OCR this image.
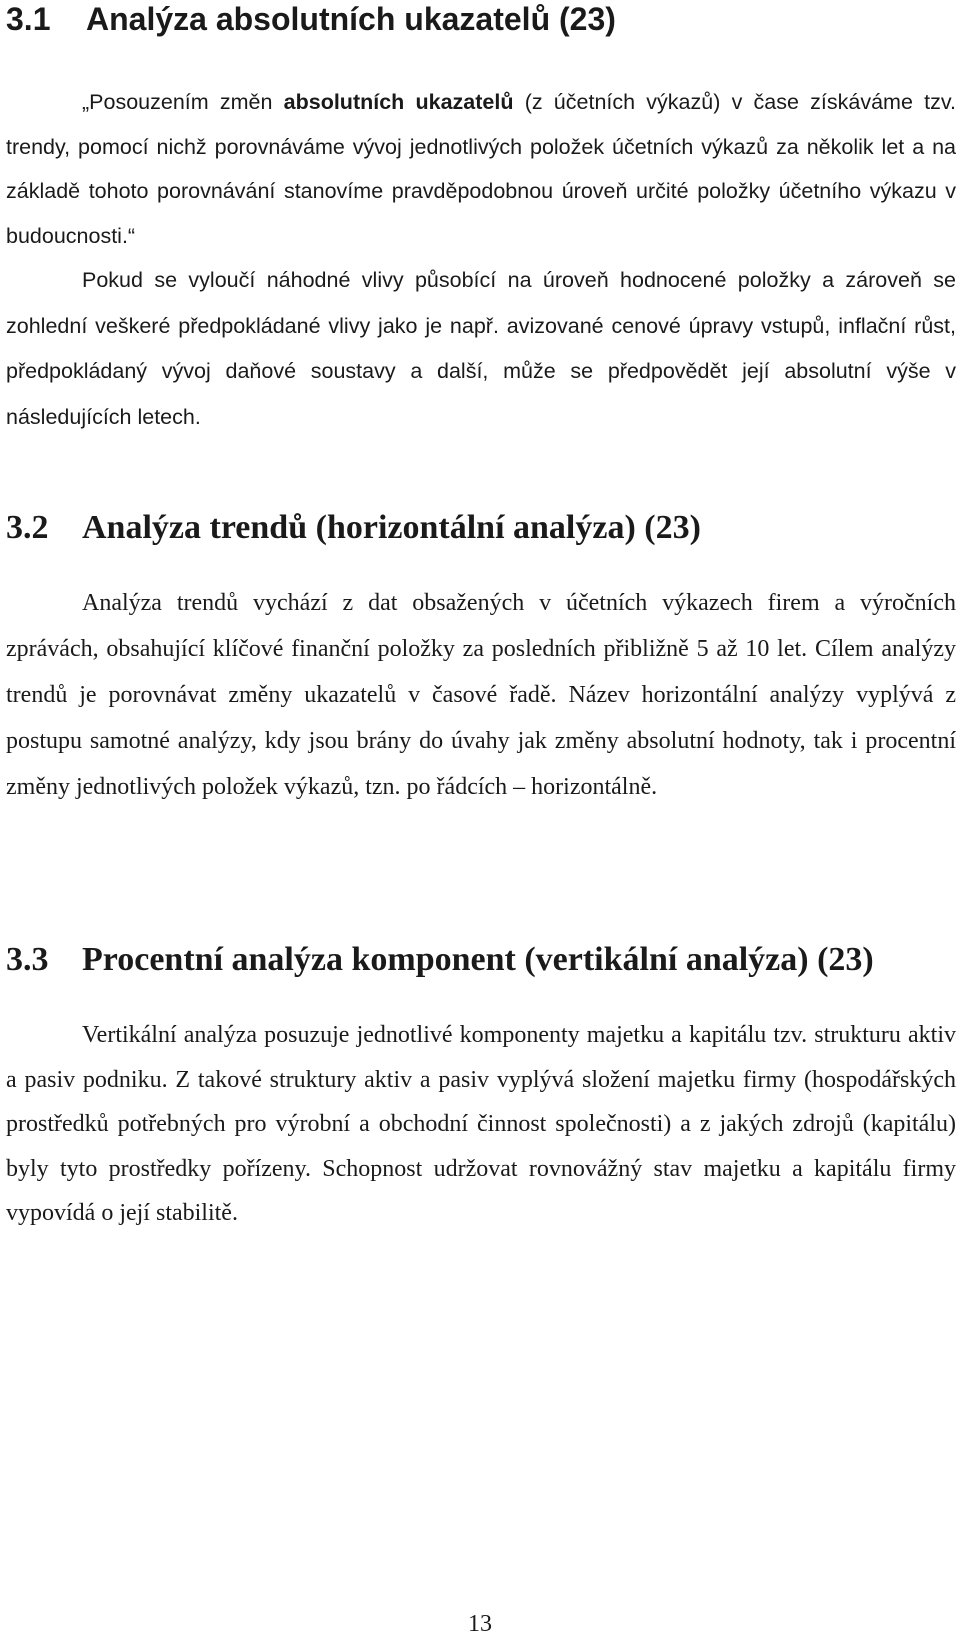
3.1 Analýza absolutních ukazatelů (23)

„Posouzením změn absolutních ukazatelů (z účetních výkazů) v čase získáváme tzv. trendy, pomocí nichž porovnáváme vývoj jednotlivých položek účetních výkazů za několik let a na základě tohoto porovnávání stanovíme pravděpodobnou úroveň určité položky účetního výkazu v budoucnosti.“

Pokud se vyloučí náhodné vlivy působící na úroveň hodnocené položky a zároveň se zohlední veškeré předpokládané vlivy jako je např. avizované cenové úpravy vstupů, inflační růst, předpokládaný vývoj daňové soustavy a další, může se předpovědět její absolutní výše v následujících letech.

3.2 Analýza trendů (horizontální analýza) (23)

Analýza trendů vychází z dat obsažených v účetních výkazech firem a výročních zprávách, obsahující klíčové finanční položky za posledních přibližně 5 až 10 let. Cílem analýzy trendů je porovnávat změny ukazatelů v časové řadě. Název horizontální analýzy vyplývá z postupu samotné analýzy, kdy jsou brány do úvahy jak změny absolutní hodnoty, tak i procentní změny jednotlivých položek výkazů, tzn. po řádcích – horizontálně.

3.3 Procentní analýza komponent (vertikální analýza) (23)

Vertikální analýza posuzuje jednotlivé komponenty majetku a kapitálu tzv. strukturu aktiv a pasiv podniku. Z takové struktury aktiv a pasiv vyplývá složení majetku firmy (hospodářských prostředků potřebných pro výrobní a obchodní činnost společnosti) a z jakých zdrojů (kapitálu) byly tyto prostředky pořízeny. Schopnost udržovat rovnovážný stav majetku a kapitálu firmy vypovídá o její stabilitě.

13
